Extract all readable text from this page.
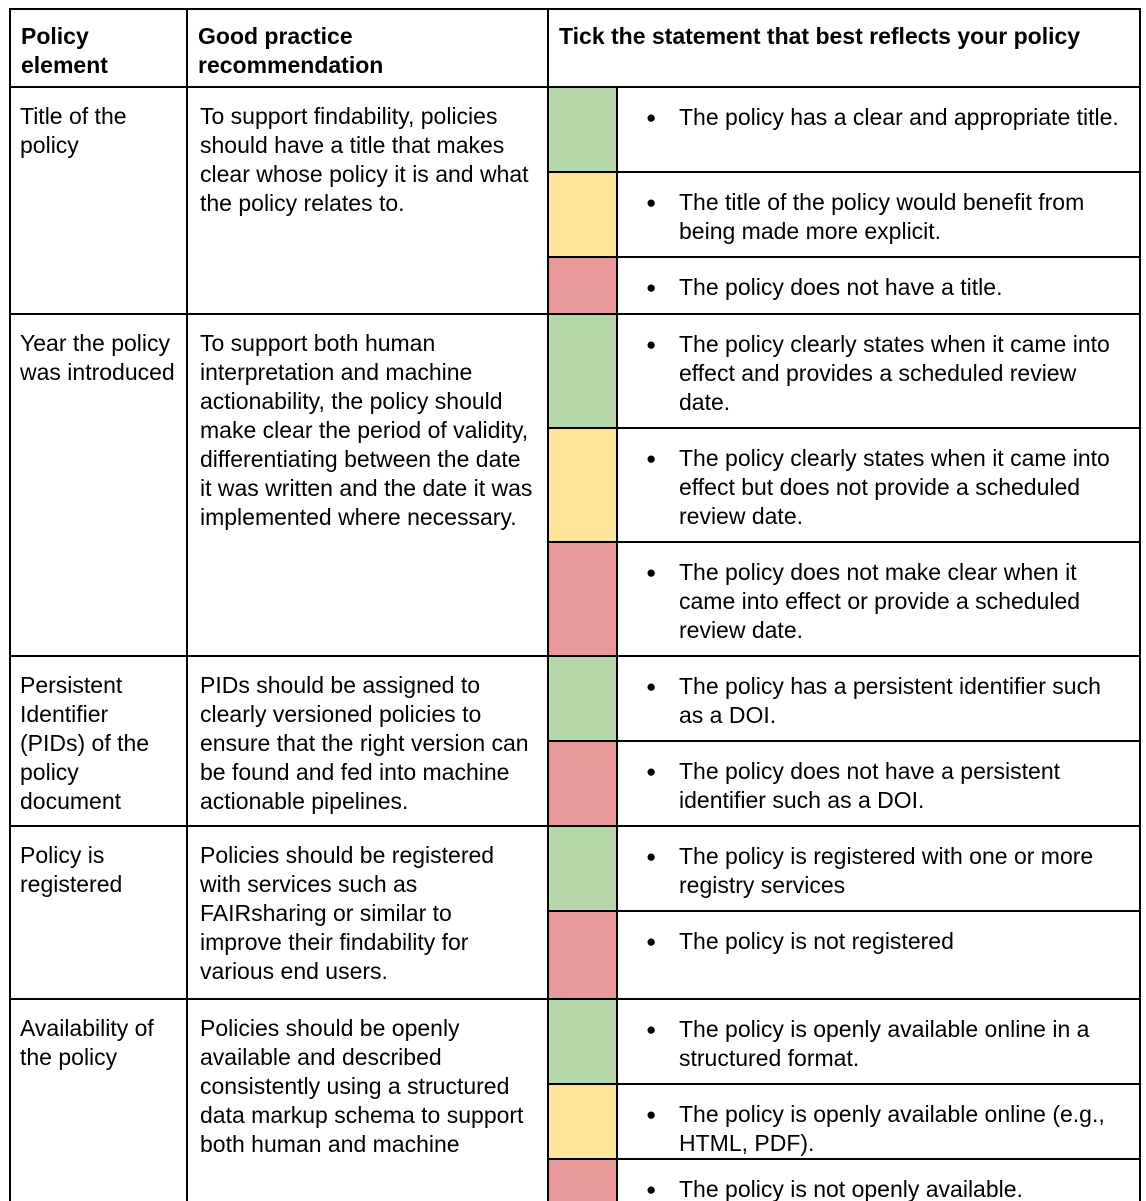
Policy element	Good practice recommendation	Tick the statement that best reflects your policy	

Title of the policy	To support findability, policies should have a title that makes clear whose policy it is and what the policy relates to.		● The policy has a clear and appropriate title.

			● The title of the policy would benefit from being made more explicit.

			● The policy does not have a title.

Year the policy was introduced	To support both human interpretation and machine actionability, the policy should make clear the period of validity, differentiating between the date it was written and the date it was implemented where necessary.		● The policy clearly states when it came into effect and provides a scheduled review date.

			● The policy clearly states when it came into effect but does not provide a scheduled review date.

			● The policy does not make clear when it came into effect or provide a scheduled review date.

Persistent Identifier (PIDs) of the policy document	PIDs should be assigned to clearly versioned policies to ensure that the right version can be found and fed into machine actionable pipelines.		● The policy has a persistent identifier such as a DOI.

			● The policy does not have a persistent identifier such as a DOI.

Policy is registered	Policies should be registered with services such as FAIRsharing or similar to improve their findability for various end users.		● The policy is registered with one or more registry services

			● The policy is not registered

Availability of the policy	Policies should be openly available and described consistently using a structured data markup schema to support both human and machine		● The policy is openly available online in a structured format.

			● The policy is openly available online (e.g., HTML, PDF).

			● The policy is not openly available.
